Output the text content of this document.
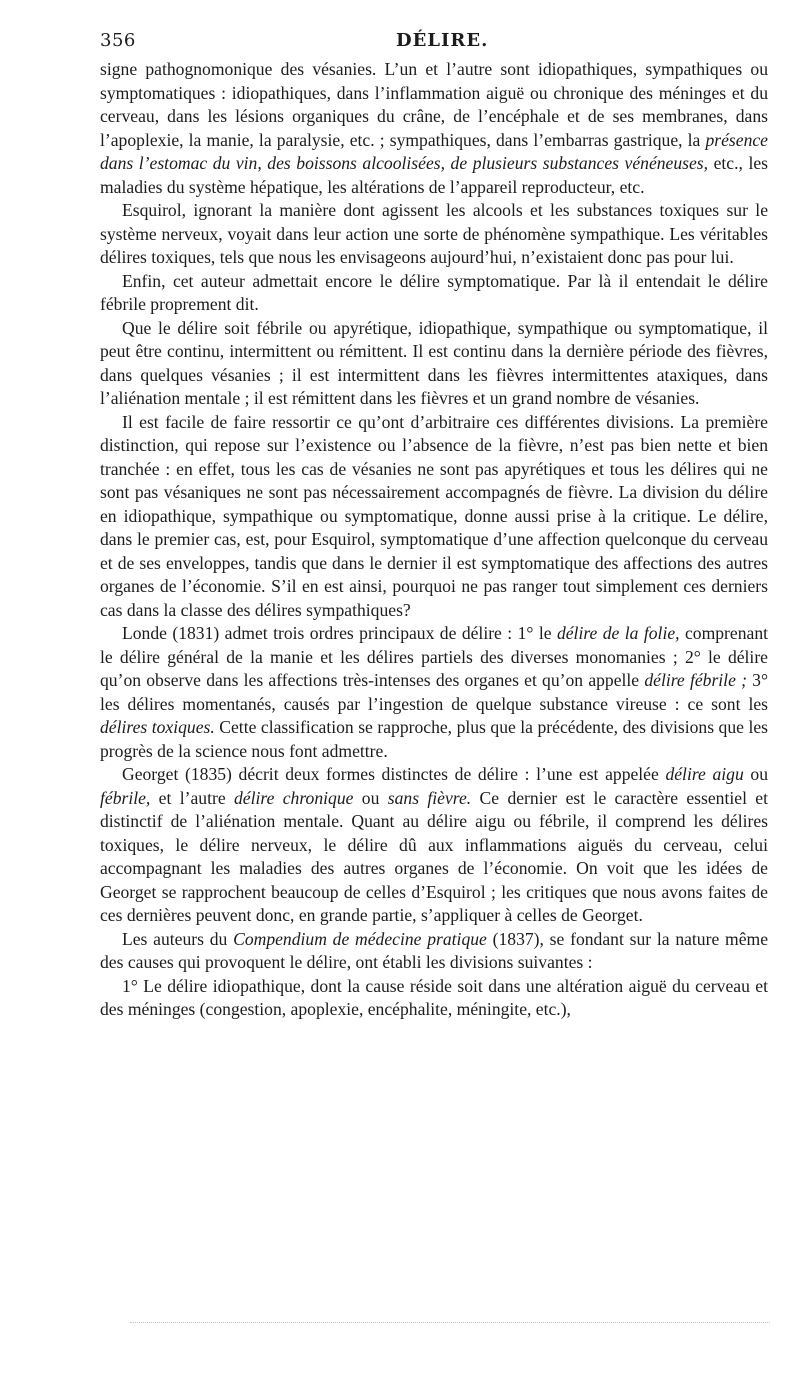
356	DÉLIRE.

signe pathognomonique des vésanies. L’un et l’autre sont idiopathiques, sympathiques ou symptomatiques : idiopathiques, dans l’inflammation aiguë ou chronique des méninges et du cerveau, dans les lésions organiques du crâne, de l’encéphale et de ses membranes, dans l’apoplexie, la manie, la paralysie, etc. ; sympathiques, dans l’embarras gastrique, la présence dans l’estomac du vin, des boissons alcoolisées, de plusieurs substances vénéneuses, etc., les maladies du système hépatique, les altérations de l’appareil reproducteur, etc.

Esquirol, ignorant la manière dont agissent les alcools et les substances toxiques sur le système nerveux, voyait dans leur action une sorte de phénomène sympathique. Les véritables délires toxiques, tels que nous les envisageons aujourd’hui, n’existaient donc pas pour lui.

Enfin, cet auteur admettait encore le délire symptomatique. Par là il entendait le délire fébrile proprement dit.

Que le délire soit fébrile ou apyrétique, idiopathique, sympathique ou symptomatique, il peut être continu, intermittent ou rémittent. Il est continu dans la dernière période des fièvres, dans quelques vésanies ; il est intermittent dans les fièvres intermittentes ataxiques, dans l’aliénation mentale ; il est rémittent dans les fièvres et un grand nombre de vésanies.

Il est facile de faire ressortir ce qu’ont d’arbitraire ces différentes divisions. La première distinction, qui repose sur l’existence ou l’absence de la fièvre, n’est pas bien nette et bien tranchée : en effet, tous les cas de vésanies ne sont pas apyrétiques et tous les délires qui ne sont pas vésaniques ne sont pas nécessairement accompagnés de fièvre. La division du délire en idiopathique, sympathique ou symptomatique, donne aussi prise à la critique. Le délire, dans le premier cas, est, pour Esquirol, symptomatique d’une affection quelconque du cerveau et de ses enveloppes, tandis que dans le dernier il est symptomatique des affections des autres organes de l’économie. S’il en est ainsi, pourquoi ne pas ranger tout simplement ces derniers cas dans la classe des délires sympathiques?

Londe (1831) admet trois ordres principaux de délire : 1° le délire de la folie, comprenant le délire général de la manie et les délires partiels des diverses monomanies ; 2° le délire qu’on observe dans les affections très-intenses des organes et qu’on appelle délire fébrile ; 3° les délires momentanés, causés par l’ingestion de quelque substance vireuse : ce sont les délires toxiques. Cette classification se rapproche, plus que la précédente, des divisions que les progrès de la science nous font admettre.

Georget (1835) décrit deux formes distinctes de délire : l’une est appelée délire aigu ou fébrile, et l’autre délire chronique ou sans fièvre. Ce dernier est le caractère essentiel et distinctif de l’aliénation mentale. Quant au délire aigu ou fébrile, il comprend les délires toxiques, le délire nerveux, le délire dû aux inflammations aiguës du cerveau, celui accompagnant les maladies des autres organes de l’économie. On voit que les idées de Georget se rapprochent beaucoup de celles d’Esquirol ; les critiques que nous avons faites de ces dernières peuvent donc, en grande partie, s’appliquer à celles de Georget.

Les auteurs du Compendium de médecine pratique (1837), se fondant sur la nature même des causes qui provoquent le délire, ont établi les divisions suivantes :

1° Le délire idiopathique, dont la cause réside soit dans une altération aiguë du cerveau et des méninges (congestion, apoplexie, encéphalite, méningite, etc.),
